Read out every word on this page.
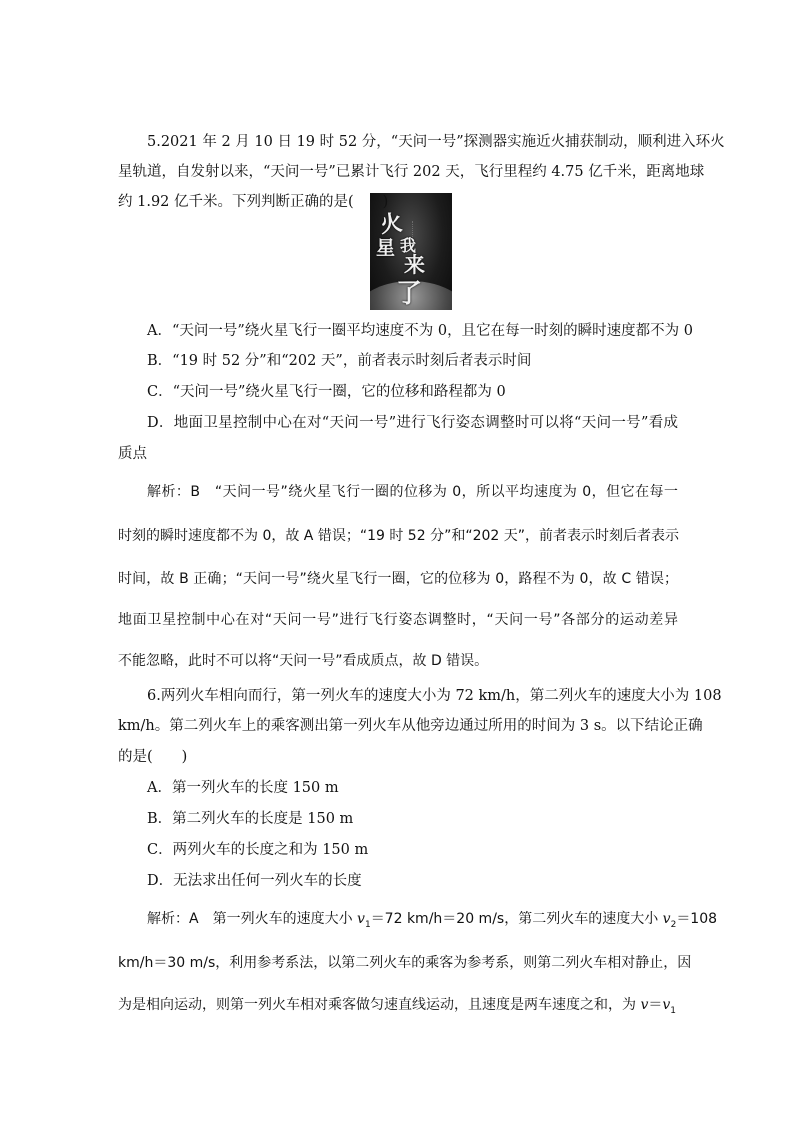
5.2021 年 2 月 10 日 19 时 52 分，“天问一号”探测器实施近火捕获制动，顺利进入环火
星轨道，自发射以来，“天问一号”已累计飞行 202 天，飞行里程约 4.75 亿千米，距离地球
火
星 我
来
了
A．“天问一号”绕火星飞行一圈平均速度不为 0，且它在每一时刻的瞬时速度都不为 0
B．“19 时 52 分”和“202 天”，前者表示时刻后者表示时间
C．“天问一号”绕火星飞行一圈，它的位移和路程都为 0
D．地面卫星控制中心在对“天问一号”进行飞行姿态调整时可以将“天问一号”看成
质点
解析：B　“天问一号”绕火星飞行一圈的位移为 0，所以平均速度为 0，但它在每一
时刻的瞬时速度都不为 0，故 A 错误；“19 时 52 分”和“202 天”，前者表示时刻后者表示
时间，故 B 正确；“天问一号”绕火星飞行一圈，它的位移为 0，路程不为 0，故 C 错误；
地面卫星控制中心在对“天问一号”进行飞行姿态调整时，“天问一号”各部分的运动差异
不能忽略，此时不可以将“天问一号”看成质点，故 D 错误。
6.两列火车相向而行，第一列火车的速度大小为 72 km/h，第二列火车的速度大小为 108
km/h。第二列火车上的乘客测出第一列火车从他旁边通过所用的时间为 3 s。以下结论正确
的是(　　)
A．第一列火车的长度 150 m
B．第二列火车的长度是 150 m
C．两列火车的长度之和为 150 m
D．无法求出任何一列火车的长度
解析：A　第一列火车的速度大小 $v_1=72$ km/h＝20 m/s，第二列火车的速度大小 $v_2=108$
km/h＝30 m/s，利用参考系法，以第二列火车的乘客为参考系，则第二列火车相对静止，因
为是相向运动，则第一列火车相对乘客做匀速直线运动，且速度是两车速度之和，为 $v=v_1$
约 1.92 亿千米。下列判断正确的是(　　)
